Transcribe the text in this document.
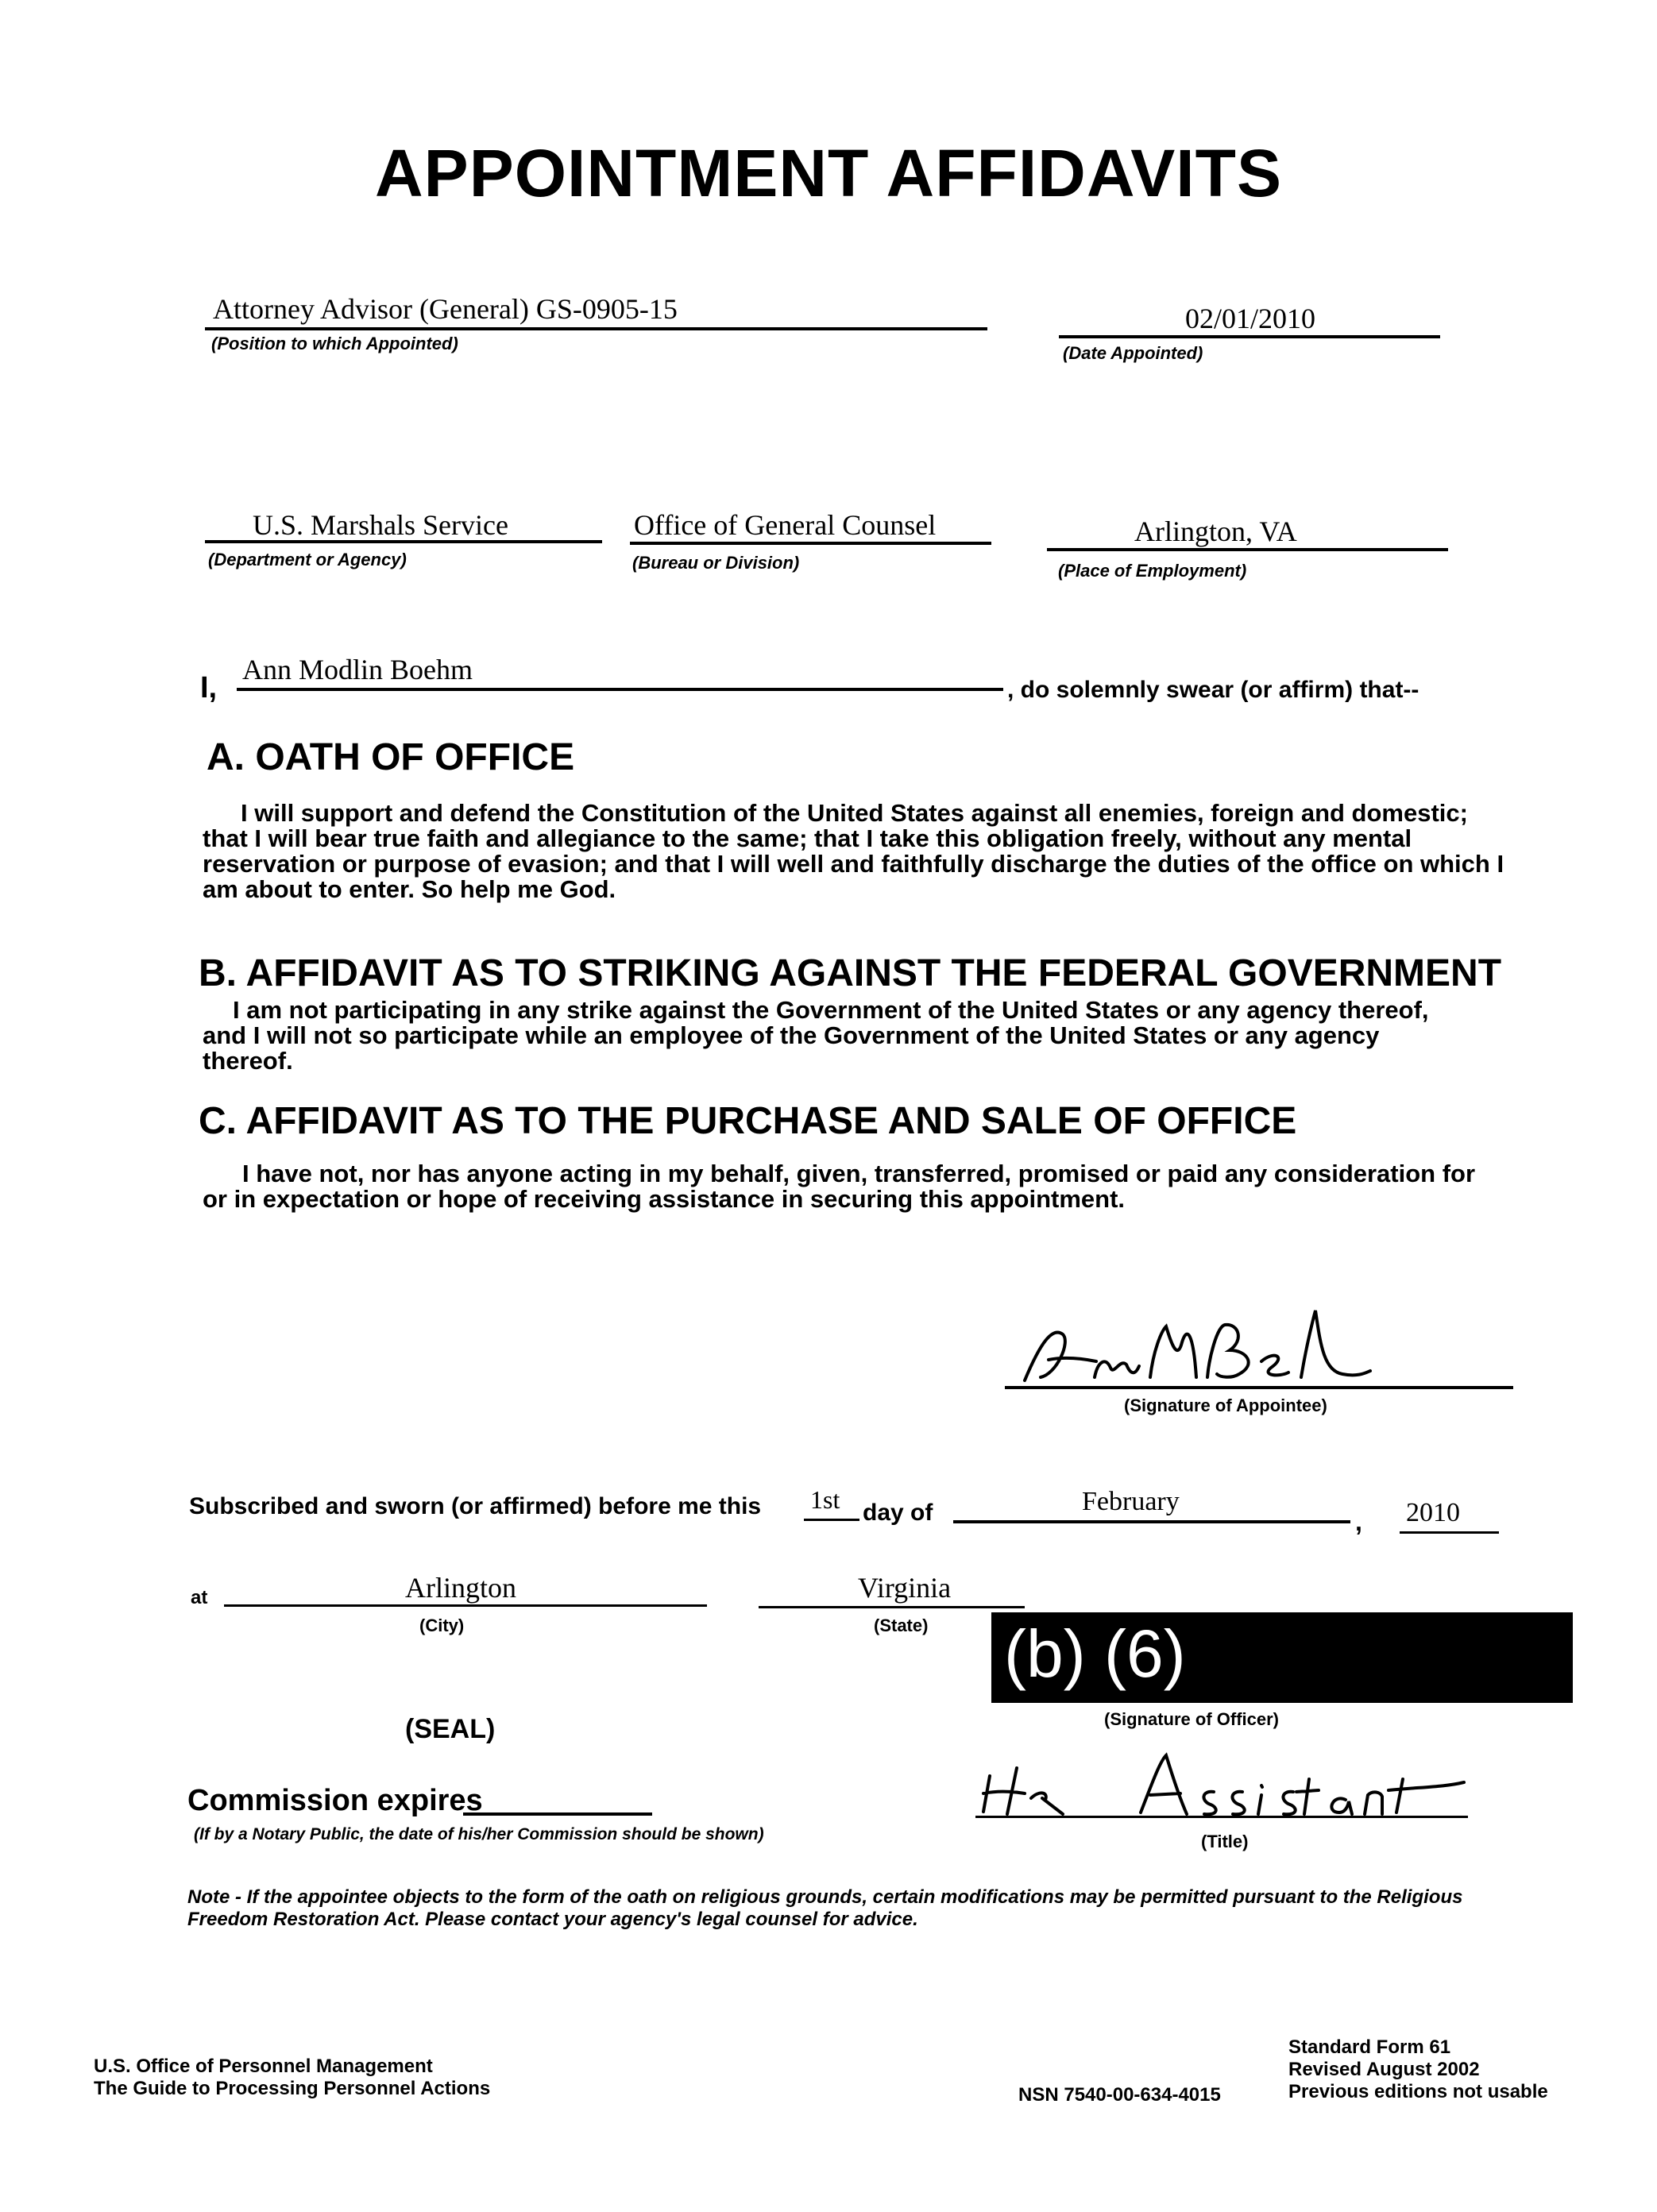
APPOINTMENT AFFIDAVITS
Attorney Advisor (General) GS-0905-15
(Position to which Appointed)
02/01/2010
(Date Appointed)
U.S. Marshals Service
(Department or Agency)
Office of General Counsel
(Bureau or Division)
Arlington, VA
(Place of Employment)
I,
Ann Modlin Boehm
, do solemnly swear (or affirm) that--
A. OATH OF OFFICE
I will support and defend the Constitution of the United States against all enemies, foreign and domestic; that I will bear true faith and allegiance to the same; that I take this obligation freely, without any mental reservation or purpose of evasion; and that I will well and faithfully discharge the duties of the office on which I am about to enter. So help me God.
B. AFFIDAVIT AS TO STRIKING AGAINST THE FEDERAL GOVERNMENT
I am not participating in any strike against the Government of the United States or any agency thereof, and I will not so participate while an employee of the Government of the United States or any agency thereof.
C. AFFIDAVIT AS TO THE PURCHASE AND SALE OF OFFICE
I have not, nor has anyone acting in my behalf, given, transferred, promised or paid any consideration for or in expectation or hope of receiving assistance in securing this appointment.
(Signature of Appointee)
Subscribed and sworn (or affirmed) before me this 1st day of	February
, 2010
at	Arlington
(City)
Virginia
(State) (b) (6)
(Signature of Officer)
(SEAL)
Commission expires
(If by a Notary Public, the date of his/her Commission should be shown)	(Title)
Note - If the appointee objects to the form of the oath on religious grounds, certain modifications may be permitted pursuant to the Religious Freedom Restoration Act. Please contact your agency's legal counsel for advice.
U.S. Office of Personnel Management
The Guide to Processing Personnel Actions	NSN 7540-00-634-4015
Standard Form 61
Revised August 2002
Previous editions not usable
